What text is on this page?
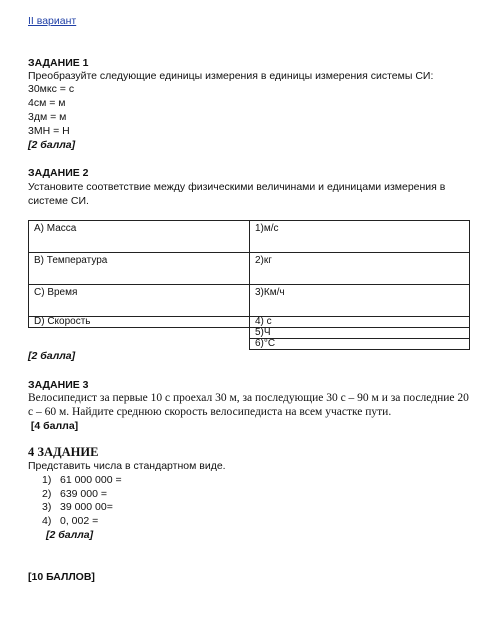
II вариант
ЗАДАНИЕ 1
Преобразуйте следующие единицы измерения в единицы измерения системы СИ:
30мкс = с
4см = м
3дм = м
3МН = Н
[2 балла]
ЗАДАНИЕ 2
Установите соответствие между физическими величинами и единицами измерения в
системе СИ.
A) Масса	1)м/с
B) Температура	2)кг
C) Время	3)Км/ч
D) Скорость	4) с
	5)Ч
	6)°С
[2 балла]
ЗАДАНИЕ 3
Велосипедист за первые 10 с проехал 30 м, за последующие 30 с – 90 м и за последние 20
с – 60 м. Найдите среднюю скорость велосипедиста на всем участке пути.
[4 балла]
4 ЗАДАНИЕ
Представить числа в стандартном виде.
1) 61 000 000 =
2) 639 000 =
3) 39 000 00=
4) 0, 002 =
[2 балла]
[10 БАЛЛОВ]
